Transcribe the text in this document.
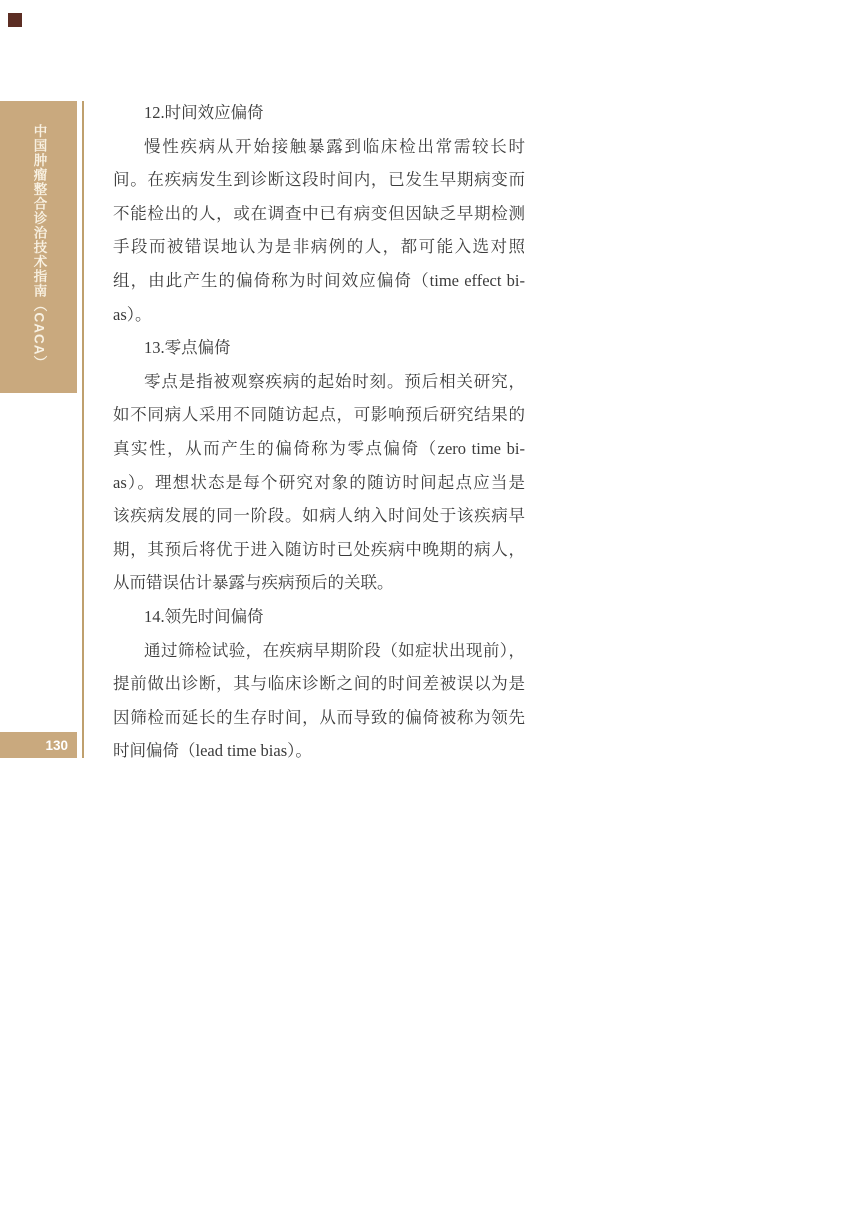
中国肿瘤整合诊治技术指南（CACA）
130
12.时间效应偏倚
慢性疾病从开始接触暴露到临床检出常需较长时
间。在疾病发生到诊断这段时间内，已发生早期病变而
不能检出的人，或在调查中已有病变但因缺乏早期检测
手段而被错误地认为是非病例的人，都可能入选对照
组，由此产生的偏倚称为时间效应偏倚（time effect bi-
as）。
13.零点偏倚
零点是指被观察疾病的起始时刻。预后相关研究，
如不同病人采用不同随访起点，可影响预后研究结果的
真实性，从而产生的偏倚称为零点偏倚（zero time bi-
as）。理想状态是每个研究对象的随访时间起点应当是
该疾病发展的同一阶段。如病人纳入时间处于该疾病早
期，其预后将优于进入随访时已处疾病中晚期的病人，
从而错误估计暴露与疾病预后的关联。
14.领先时间偏倚
通过筛检试验，在疾病早期阶段（如症状出现前），
提前做出诊断，其与临床诊断之间的时间差被误以为是
因筛检而延长的生存时间，从而导致的偏倚被称为领先
时间偏倚（lead time bias）。
